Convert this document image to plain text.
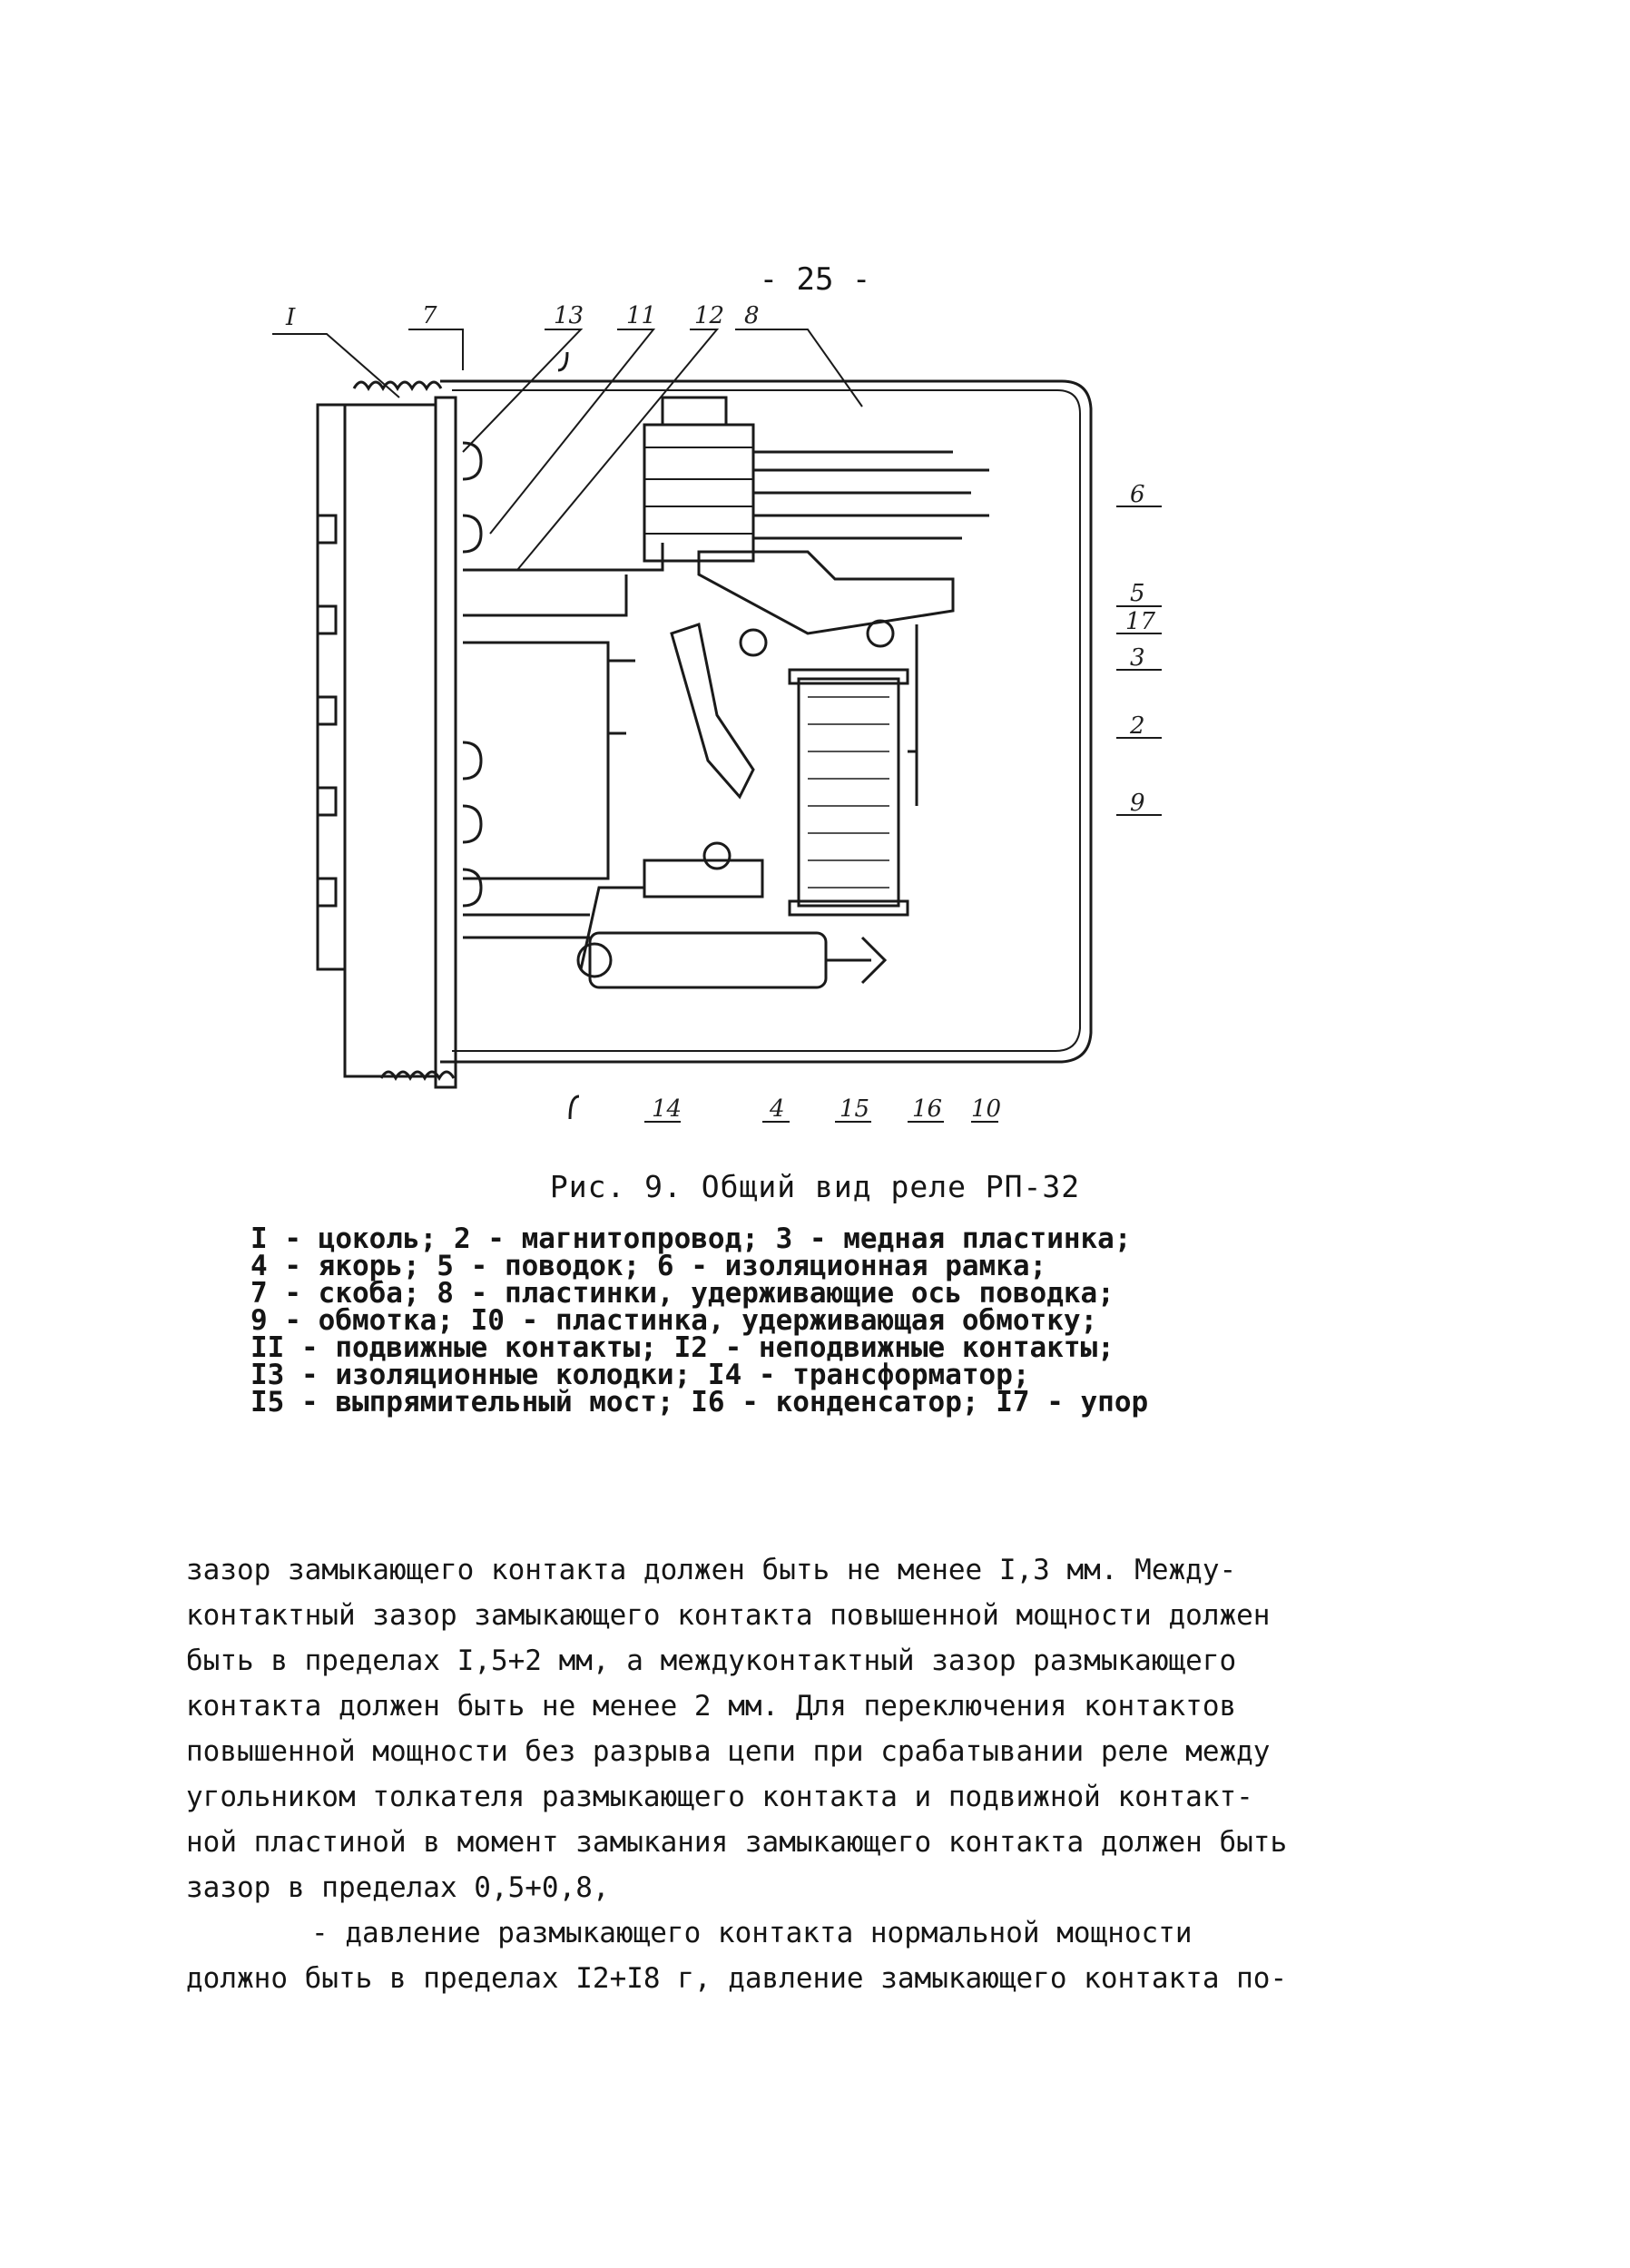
- 25 -
I	7	13 11 12 8
6
5
17
3
2
9
14	4 15 16 10
Рис. 9. Общий вид реле РП-32
I - цоколь; 2 - магнитопровод; 3 - медная пластинка;
4 - якорь; 5 - поводок; 6 - изоляционная рамка;
7 - скоба; 8 - пластинки, удерживающие ось поводка;
9 - обмотка; I0 - пластинка, удерживающая обмотку;
II - подвижные контакты; I2 - неподвижные контакты;
I3 - изоляционные колодки; I4 - трансформатор;
I5 - выпрямительный мост; I6 - конденсатор; I7 - упор
зазор замыкающего контакта должен быть не менее I,3 мм. Между-
контактный зазор замыкающего контакта повышенной мощности должен
быть в пределах I,5+2 мм, а междуконтактный зазор размыкающего
контакта должен быть не менее 2 мм. Для переключения контактов
повышенной мощности без разрыва цепи при срабатывании реле между
угольником толкателя размыкающего контакта и подвижной контакт-
ной пластиной в момент замыкания замыкающего контакта должен быть
зазор в пределах 0,5+0,8,
- давление размыкающего контакта нормальной мощности
должно быть в пределах I2+I8 г, давление замыкающего контакта по-
